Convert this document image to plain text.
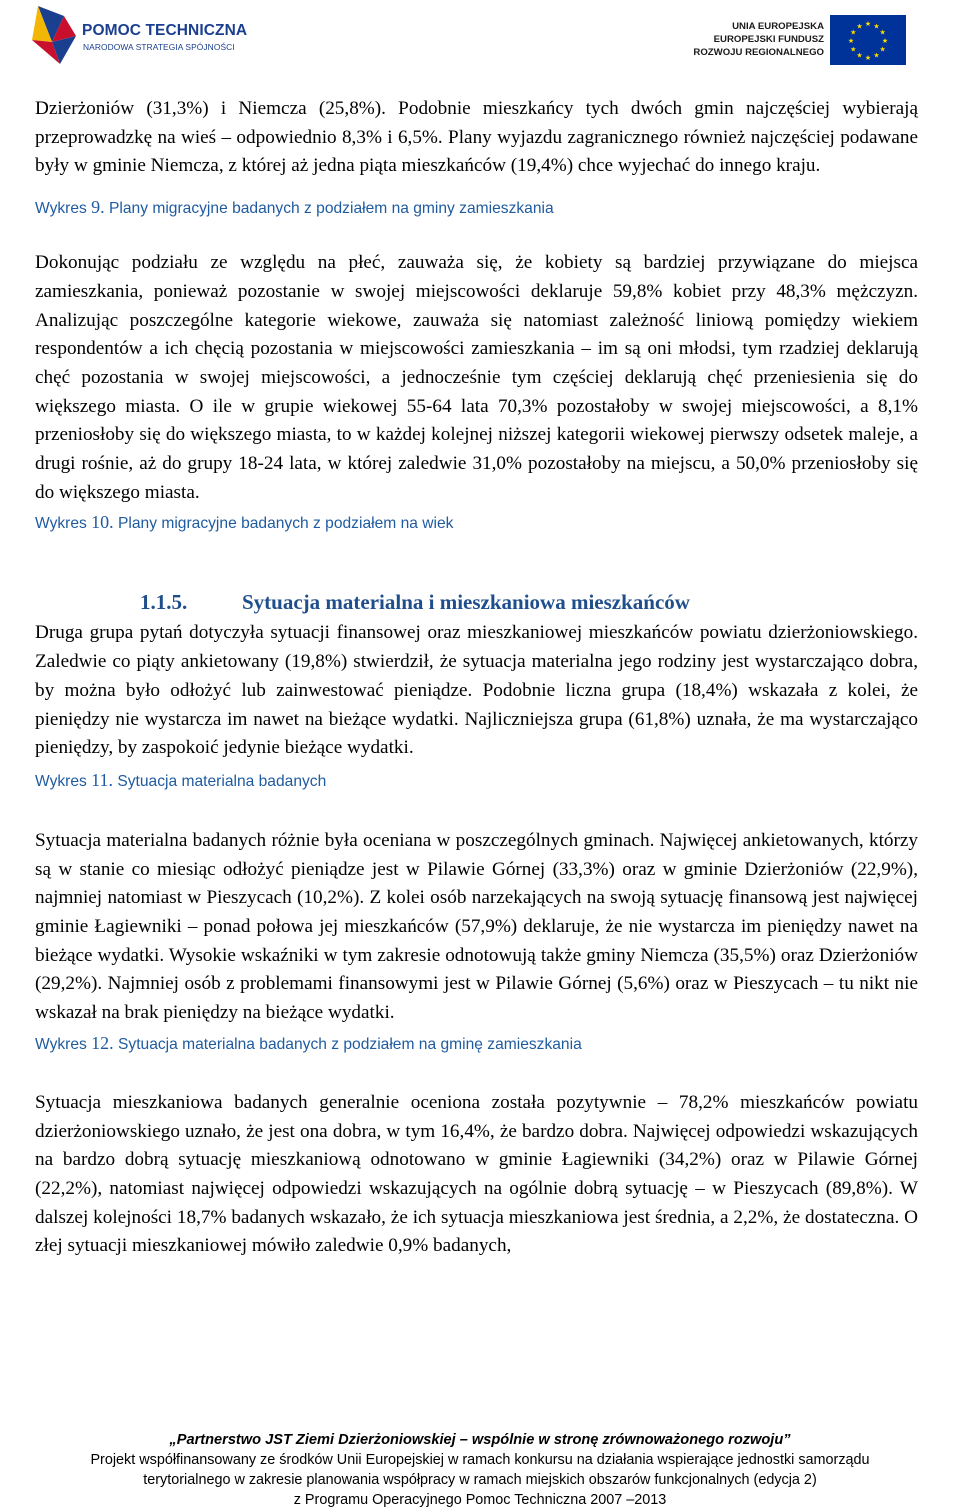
POMOC TECHNICZNA
NARODOWA STRATEGIA SPÓJNOŚCI
UNIA EUROPEJSKA
EUROPEJSKI FUNDUSZ
ROZWOJU REGIONALNEGO
★ ★
★
★
★
★
★
★
★
★
★
★

Dzierżoniów (31,3%) i Niemcza (25,8%). Podobnie mieszkańcy tych dwóch gmin najczęściej wybierają przeprowadzkę na wieś – odpowiednio 8,3% i 6,5%. Plany wyjazdu zagranicznego również najczęściej podawane były w gminie Niemcza, z której aż jedna piąta mieszkańców (19,4%) chce wyjechać do innego kraju.

Wykres 9. Plany migracyjne badanych z podziałem na gminy zamieszkania

Dokonując podziału ze względu na płeć, zauważa się, że kobiety są bardziej przywiązane do miejsca zamieszkania, ponieważ pozostanie w swojej miejscowości deklaruje 59,8% kobiet przy 48,3% mężczyzn. Analizując poszczególne kategorie wiekowe, zauważa się natomiast zależność liniową pomiędzy wiekiem respondentów a ich chęcią pozostania w miejscowości zamieszkania – im są oni młodsi, tym rzadziej deklarują chęć pozostania w swojej miejscowości, a jednocześnie tym częściej deklarują chęć przeniesienia się do większego miasta. O ile w grupie wiekowej 55-64 lata 70,3% pozostałoby w swojej miejscowości, a 8,1% przeniosłoby się do większego miasta, to w każdej kolejnej niższej kategorii wiekowej pierwszy odsetek maleje, a drugi rośnie, aż do grupy 18-24 lata, w której zaledwie 31,0% pozostałoby na miejscu, a 50,0% przeniosłoby się do większego miasta.

Wykres 10. Plany migracyjne badanych z podziałem na wiek

1.1.5.	Sytuacja materialna i mieszkaniowa mieszkańców

Druga grupa pytań dotyczyła sytuacji finansowej oraz mieszkaniowej mieszkańców powiatu dzierżoniowskiego. Zaledwie co piąty ankietowany (19,8%) stwierdził, że sytuacja materialna jego rodziny jest wystarczająco dobra, by można było odłożyć lub zainwestować pieniądze. Podobnie liczna grupa (18,4%) wskazała z kolei, że pieniędzy nie wystarcza im nawet na bieżące wydatki. Najliczniejsza grupa (61,8%) uznała, że ma wystarczająco pieniędzy, by zaspokoić jedynie bieżące wydatki.

Wykres 11. Sytuacja materialna badanych

Sytuacja materialna badanych różnie była oceniana w poszczególnych gminach. Najwięcej ankietowanych, którzy są w stanie co miesiąc odłożyć pieniądze jest w Pilawie Górnej (33,3%) oraz w gminie Dzierżoniów (22,9%), najmniej natomiast w Pieszycach (10,2%). Z kolei osób narzekających na swoją sytuację finansową jest najwięcej gminie Łagiewniki – ponad połowa jej mieszkańców (57,9%) deklaruje, że nie wystarcza im pieniędzy nawet na bieżące wydatki. Wysokie wskaźniki w tym zakresie odnotowują także gminy Niemcza (35,5%) oraz Dzierżoniów (29,2%). Najmniej osób z problemami finansowymi jest w Pilawie Górnej (5,6%) oraz w Pieszycach – tu nikt nie wskazał na brak pieniędzy na bieżące wydatki.

Wykres 12. Sytuacja materialna badanych z podziałem na gminę zamieszkania

Sytuacja mieszkaniowa badanych generalnie oceniona została pozytywnie – 78,2% mieszkańców powiatu dzierżoniowskiego uznało, że jest ona dobra, w tym 16,4%, że bardzo dobra. Najwięcej odpowiedzi wskazujących na bardzo dobrą sytuację mieszkaniową odnotowano w gminie Łagiewniki (34,2%) oraz w Pilawie Górnej (22,2%), natomiast najwięcej odpowiedzi wskazujących na ogólnie dobrą sytuację – w Pieszycach (89,8%). W dalszej kolejności 18,7% badanych wskazało, że ich sytuacja mieszkaniowa jest średnia, a 2,2%, że dostateczna. O złej sytuacji mieszkaniowej mówiło zaledwie 0,9% badanych,

„Partnerstwo JST Ziemi Dzierżoniowskiej – wspólnie w stronę zrównoważonego rozwoju”
Projekt współfinansowany ze środków Unii Europejskiej w ramach konkursu na działania wspierające jednostki samorządu
terytorialnego w zakresie planowania współpracy w ramach miejskich obszarów funkcjonalnych (edycja 2)
z Programu Operacyjnego Pomoc Techniczna 2007 –2013
